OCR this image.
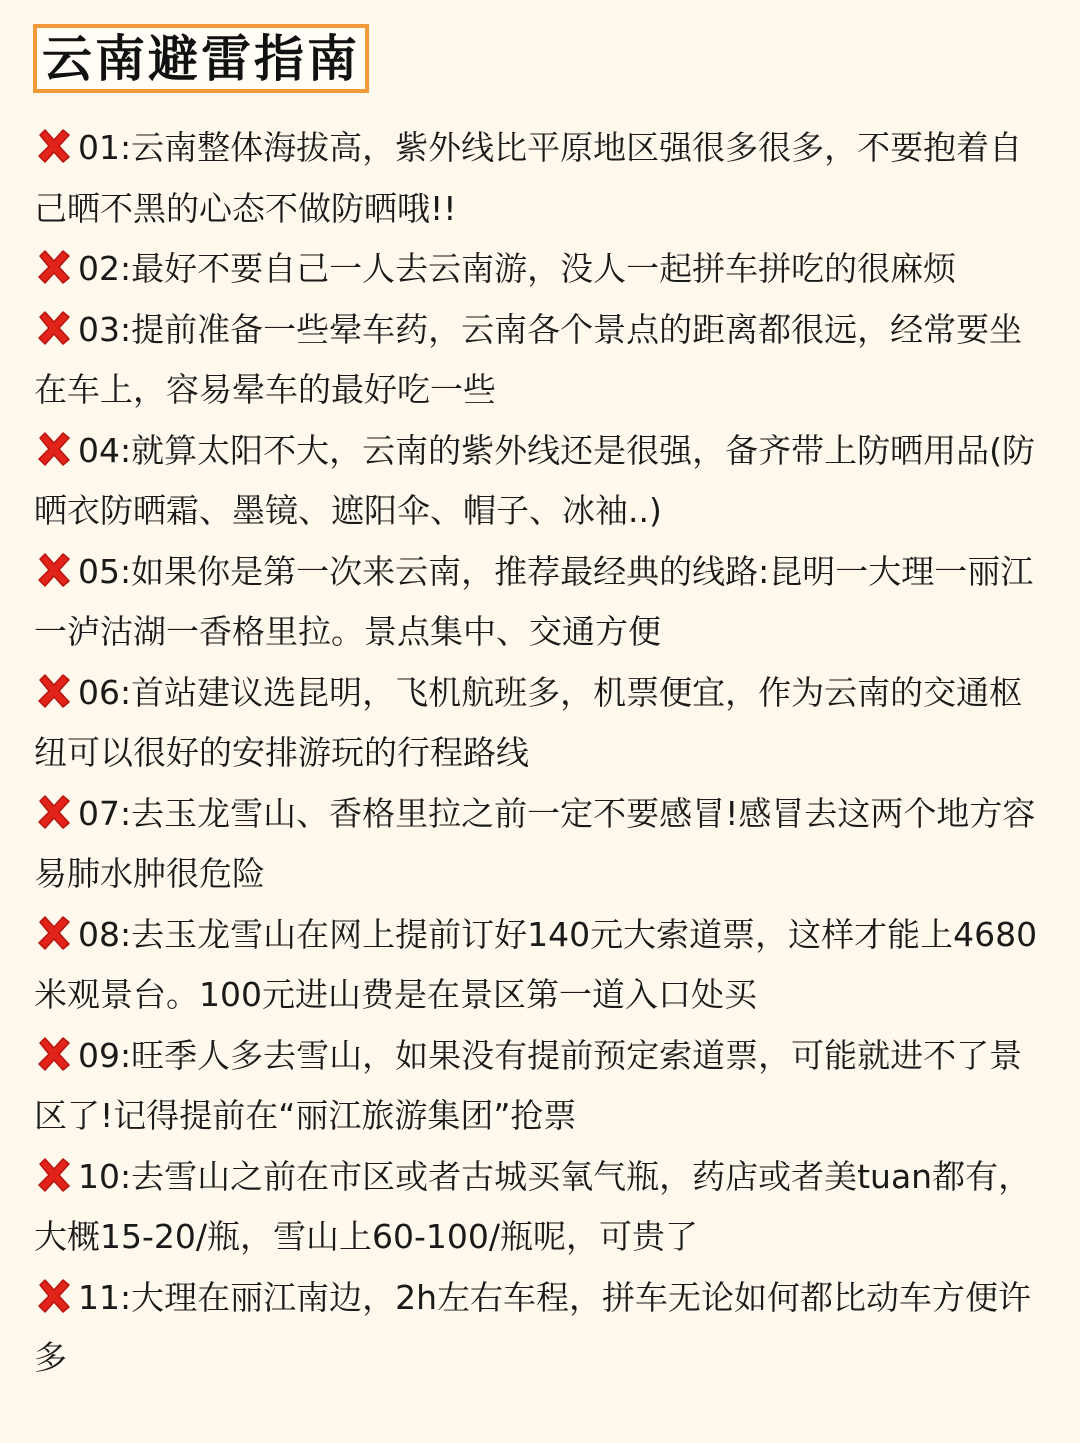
云南避雷指南
01:云南整体海拔高，紫外线比平原地区强很多很多，不要抱着自己晒不黑的心态不做防晒哦!!
02:最好不要自己一人去云南游，没人一起拼车拼吃的很麻烦
03:提前准备一些晕车药，云南各个景点的距离都很远，经常要坐在车上，容易晕车的最好吃一些
04:就算太阳不大，云南的紫外线还是很强，备齐带上防晒用品(防晒衣防晒霜、墨镜、遮阳伞、帽子、冰袖..)
05:如果你是第一次来云南，推荐最经典的线路:昆明一大理一丽江一泸沽湖一香格里拉。景点集中、交通方便
06:首站建议选昆明，飞机航班多，机票便宜，作为云南的交通枢纽可以很好的安排游玩的行程路线
07:去玉龙雪山、香格里拉之前一定不要感冒!感冒去这两个地方容易肺水肿很危险
08:去玉龙雪山在网上提前订好140元大索道票，这样才能上4680米观景台。100元进山费是在景区第一道入口处买
09:旺季人多去雪山，如果没有提前预定索道票，可能就进不了景区了!记得提前在“丽江旅游集团”抢票
10:去雪山之前在市区或者古城买氧气瓶，药店或者美tuan都有，大概15-20/瓶，雪山上60-100/瓶呢，可贵了
11:大理在丽江南边，2h左右车程，拼车无论如何都比动车方便许多
